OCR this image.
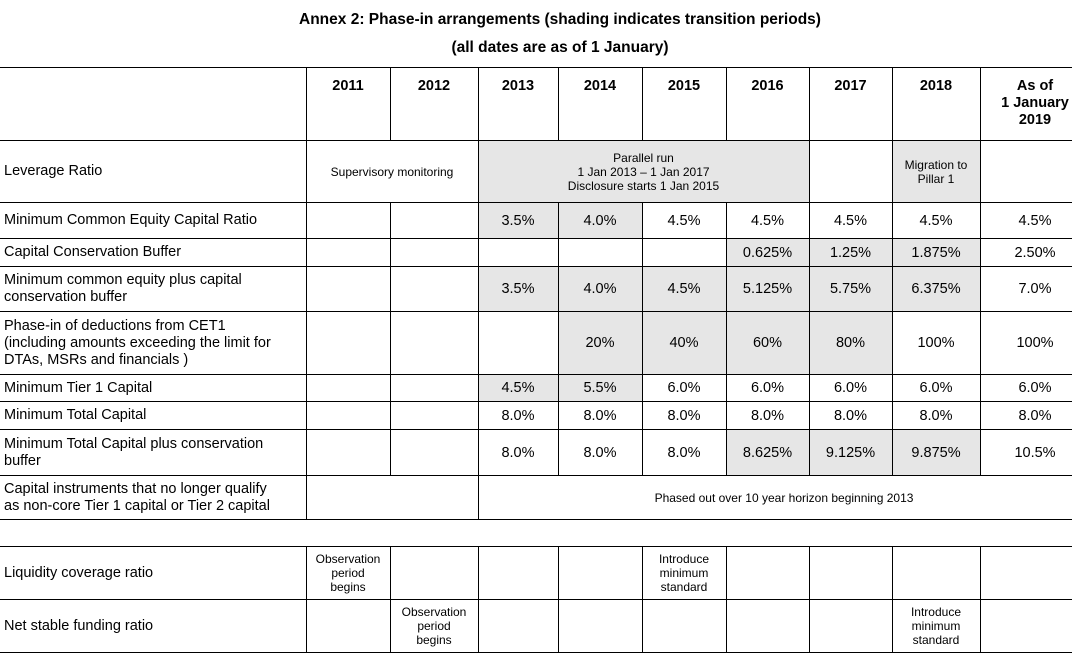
Annex 2: Phase-in arrangements (shading indicates transition periods)
(all dates are as of 1 January)
	2011	2012	2013	2014	2015	2016	2017	2018	As of
1 January
2019
Leverage Ratio	Supervisory monitoring		Parallel run
1 Jan 2013 – 1 Jan 2017
Disclosure starts 1 Jan 2015					Migration to
Pillar 1	
Minimum Common Equity Capital Ratio			3.5%	4.0%	4.5%	4.5%	4.5%	4.5%	4.5%
Capital Conservation Buffer						0.625%	1.25%	1.875%	2.50%
Minimum common equity plus capital
conservation buffer			3.5%	4.0%	4.5%	5.125%	5.75%	6.375%	7.0%
Phase-in of deductions from CET1
(including amounts exceeding the limit for
DTAs, MSRs and financials )				20%	40%	60%	80%	100%	100%
Minimum Tier 1 Capital			4.5%	5.5%	6.0%	6.0%	6.0%	6.0%	6.0%
Minimum Total Capital			8.0%	8.0%	8.0%	8.0%	8.0%	8.0%	8.0%
Minimum Total Capital plus conservation
buffer			8.0%	8.0%	8.0%	8.625%	9.125%	9.875%	10.5%
Capital instruments that no longer qualify
as non-core Tier 1 capital or Tier 2 capital			Phased out over 10 year horizon beginning 2013						

Liquidity coverage ratio	Observation
period
begins				Introduce
minimum
standard				
Net stable funding ratio		Observation
period
begins						Introduce
minimum
standard	
